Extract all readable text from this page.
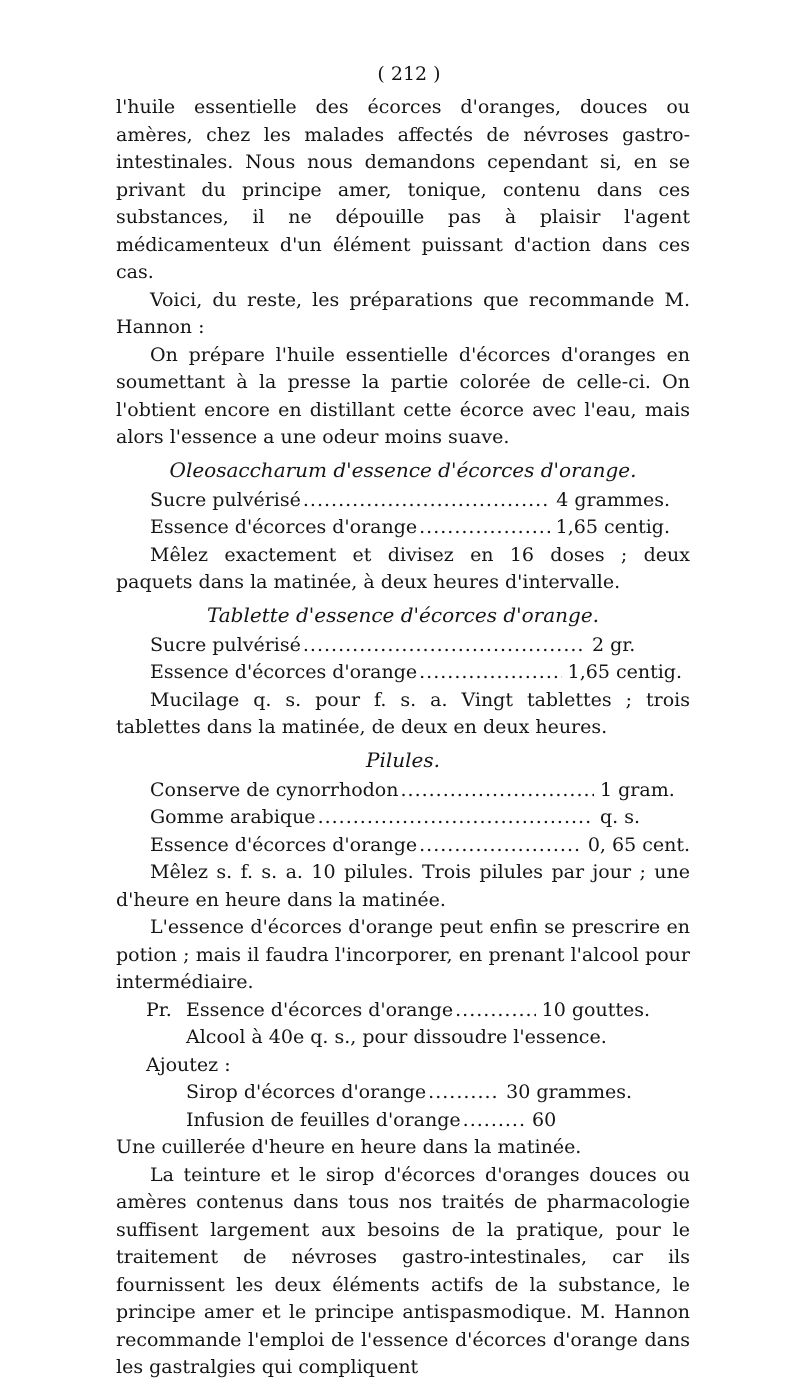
( 212 )

l'huile essentielle des écorces d'oranges, douces ou amères, chez les malades affectés de névroses gastro-intestinales. Nous nous demandons cependant si, en se privant du principe amer, tonique, contenu dans ces substances, il ne dépouille pas à plaisir l'agent médicamenteux d'un élément puissant d'action dans ces cas.

Voici, du reste, les préparations que recommande M. Hannon :

On prépare l'huile essentielle d'écorces d'oranges en soumettant à la presse la partie colorée de celle-ci. On l'obtient encore en distillant cette écorce avec l'eau, mais alors l'essence a une odeur moins suave.

Oleosaccharum d'essence d'écorces d'orange.
Sucre pulvérisé .....	4 grammes.
Essence d'écorces d'orange .....	1,65 centig.

Mêlez exactement et divisez en 16 doses ; deux paquets dans la matinée, à deux heures d'intervalle.

Tablette d'essence d'écorces d'orange.
Sucre pulvérisé .....	2 gr.
Essence d'écorces d'orange .....	1,65 centig.

Mucilage q. s. pour f. s. a. Vingt tablettes ; trois tablettes dans la matinée, de deux en deux heures.

Pilules.
Conserve de cynorrhodon .....	1 gram.
Gomme arabique .....	q. s.
Essence d'écorces d'orange .....	0, 65 cent.

Mêlez s. f. s. a. 10 pilules. Trois pilules par jour ; une d'heure en heure dans la matinée.

L'essence d'écorces d'orange peut enfin se prescrire en potion ; mais il faudra l'incorporer, en prenant l'alcool pour intermédiaire.

Pr. Essence d'écorces d'orange .....	10 gouttes.
Alcool à 40e q. s., pour dissoudre l'essence.
Ajoutez :
Sirop d'écorces d'orange .....	30 grammes.
Infusion de feuilles d'orange .....	60

Une cuillerée d'heure en heure dans la matinée.

La teinture et le sirop d'écorces d'oranges douces ou amères contenus dans tous nos traités de pharmacologie suffisent largement aux besoins de la pratique, pour le traitement de névroses gastro-intestinales, car ils fournissent les deux éléments actifs de la substance, le principe amer et le principe antispasmodique. M. Hannon recommande l'emploi de l'essence d'écorces d'orange dans les gastralgies qui compliquent
